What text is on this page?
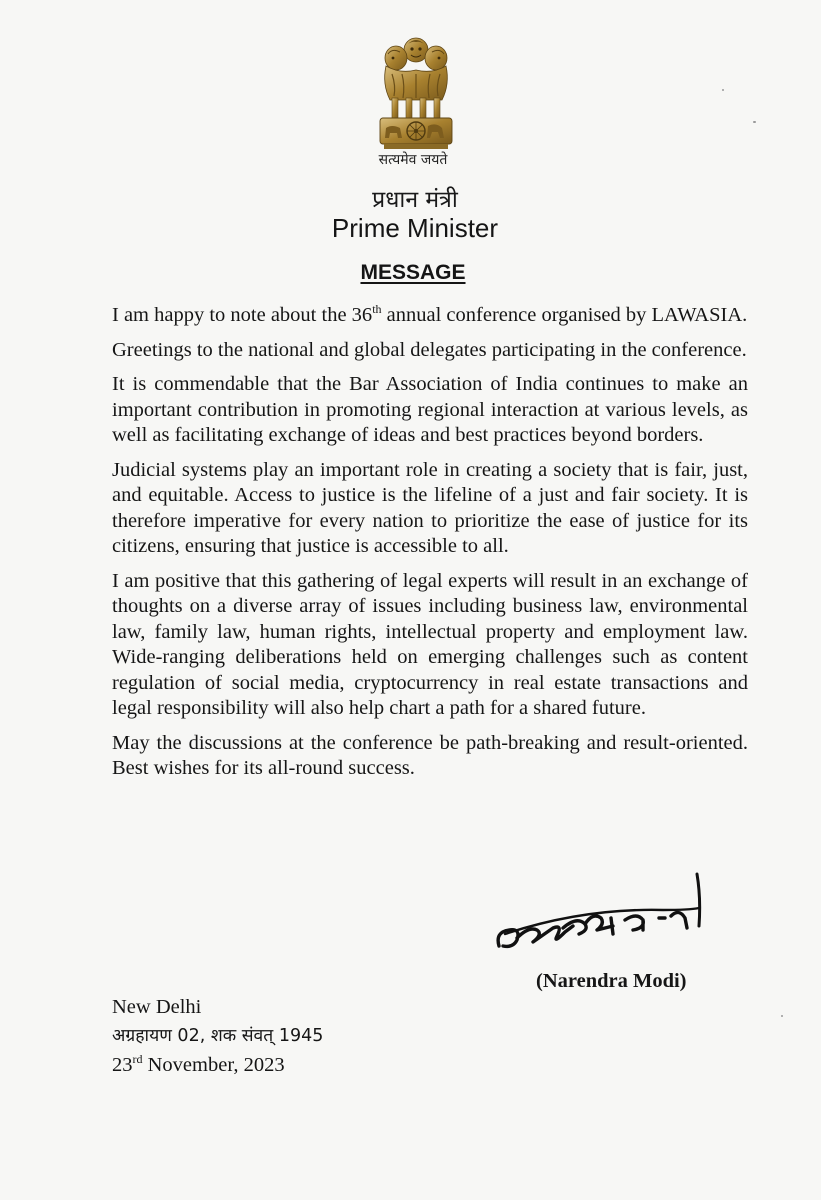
सत्यमेव जयते
प्रधान मंत्री
Prime Minister
MESSAGE

I am happy to note about the 36th annual conference organised by LAWASIA.

Greetings to the national and global delegates participating in the conference.

It is commendable that the Bar Association of India continues to make an important contribution in promoting regional interaction at various levels, as well as facilitating exchange of ideas and best practices beyond borders.

Judicial systems play an important role in creating a society that is fair, just, and equitable. Access to justice is the lifeline of a just and fair society. It is therefore imperative for every nation to prioritize the ease of justice for its citizens, ensuring that justice is accessible to all.

I am positive that this gathering of legal experts will result in an exchange of thoughts on a diverse array of issues including business law, environmental law, family law, human rights, intellectual property and employment law. Wide-ranging deliberations held on emerging challenges such as content regulation of social media, cryptocurrency in real estate transactions and legal responsibility will also help chart a path for a shared future.

May the discussions at the conference be path-breaking and result-oriented. Best wishes for its all-round success.

(Narendra Modi)
New Delhi
अग्रहायण 02, शक संवत् 1945
23rd November, 2023
